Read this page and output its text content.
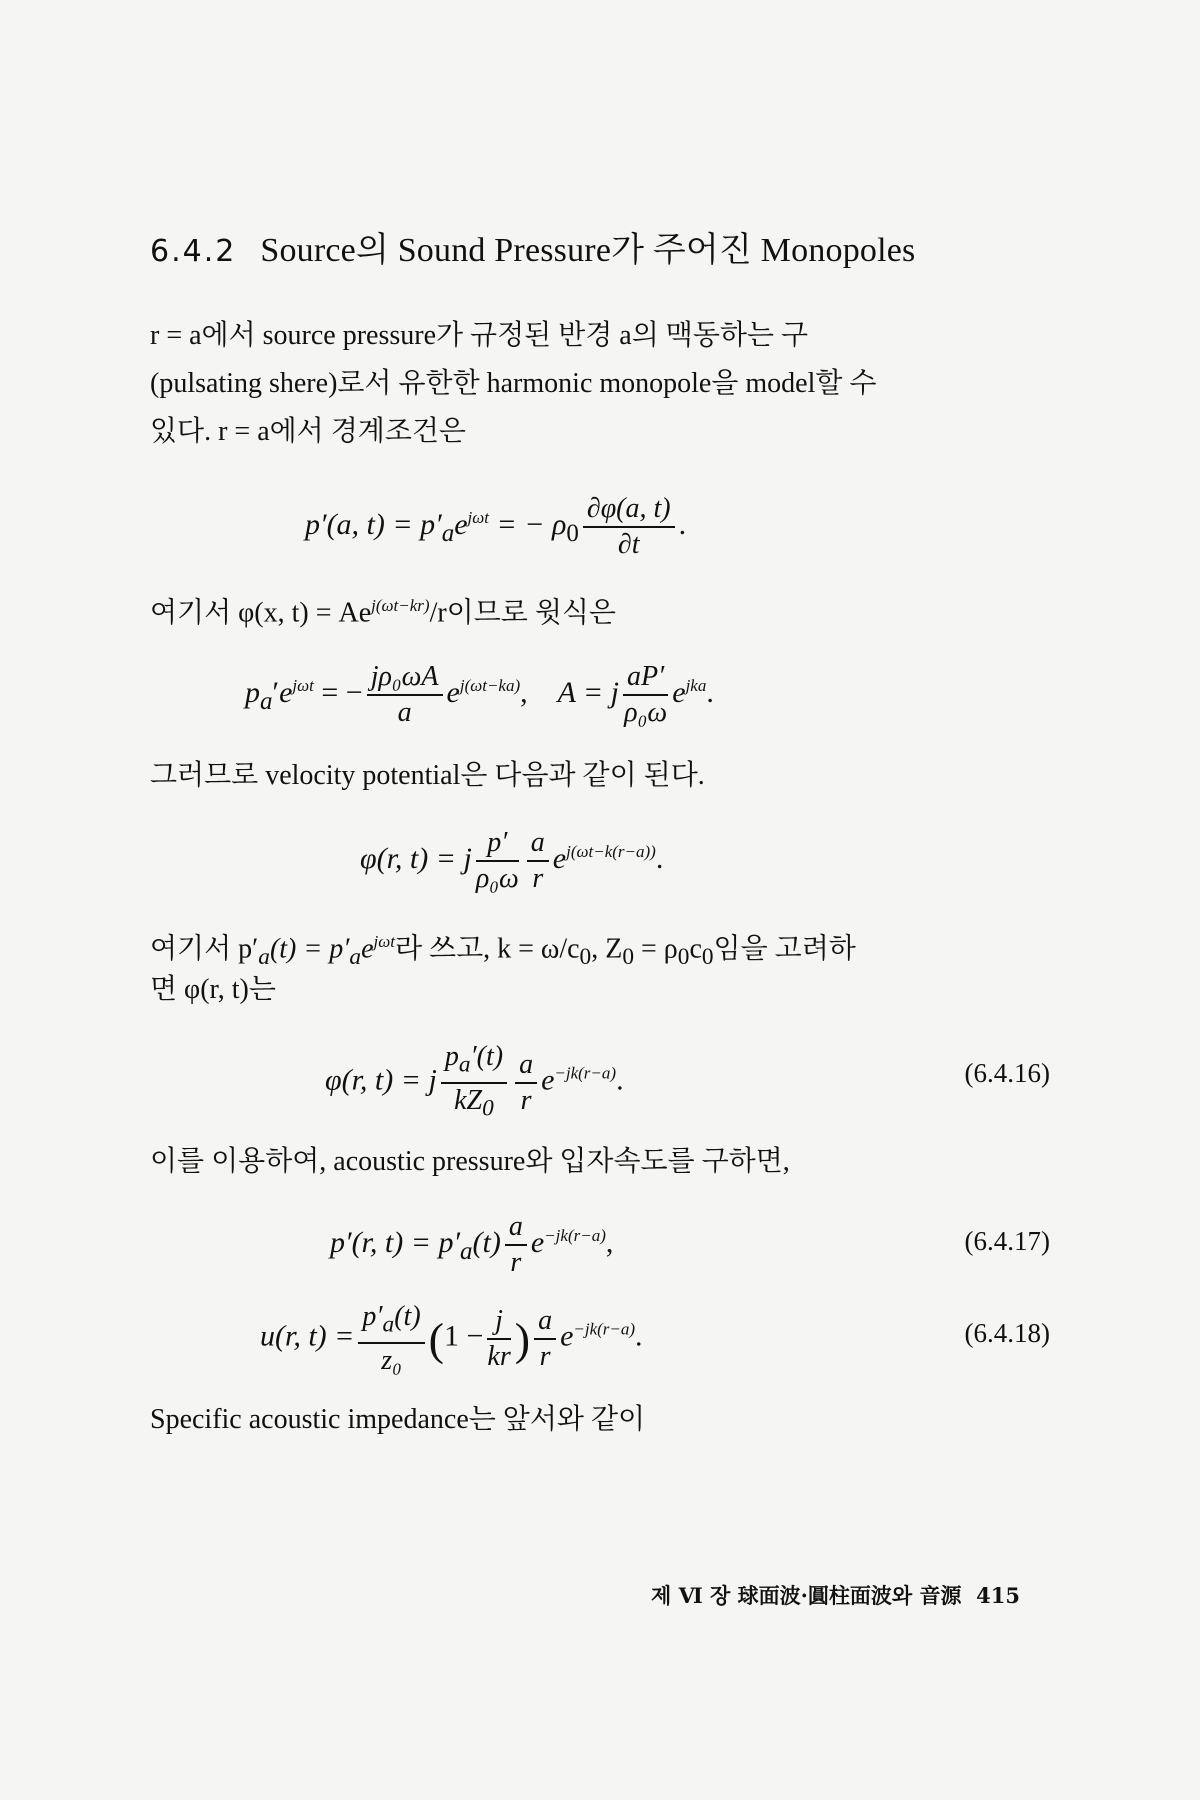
6.4.2 Source의 Sound Pressure가 주어진 Monopoles
r = a에서 source pressure가 규정된 반경 a의 맥동하는 구
(pulsating shere)로서 유한한 harmonic monopole을 model할 수
있다. r = a에서 경계조건은
p′(a, $t) = p'_ae^{j\omega t}$ = − $\rho_0 \frac{\partial\varphi(a, t)}{\partial t}$ .
여기서 φ(x, $t) = Ae^{j(\omega t-kr)}/r$이므로 윗식은
$p_a'e^{j\omega t}$ = − $\frac{\text{jρ₀ωA}}{a} e^{j(\omega t-ka)}$, A = j $\frac{aP'}{\text{ρ₀ω}} e^{jka}$.
그러므로 velocity potential은 다음과 같이 된다.
φ(r, t) = j $\frac{p'}{\text{ρ₀ω}} \frac{a}{r} e^{j(\omega t-k(r-a))}$.
여기서 $p'_a(t) = p'_ae^{j\omega t}$라 쓰고, $k = \omega/c_0$, $Z_0 = \rho_0c_0$임을 고려하
면 φ(r, t)는
φ(r, t) = j $\frac{p_a'(t)}{kZ_0} \frac{a}{r} e^{-jk(r-a)}$.	(6.4.16)
이를 이용하여, acoustic pressure와 입자속도를 구하면,
p′(r, $t) = p'_a(t) \frac{a}{r} e^{-jk(r-a)}$,	(6.4.17)
u(r, $t) = \frac{p'_a(t)}{\text{z₀}} (1 - \frac{j}{kr}$ ) $\frac{a}{r} e^{-jk(r-a)}$.	(6.4.18)
Specific acoustic impedance는 앞서와 같이
제 Ⅵ 장 球面波·圓柱面波와 音源 415
